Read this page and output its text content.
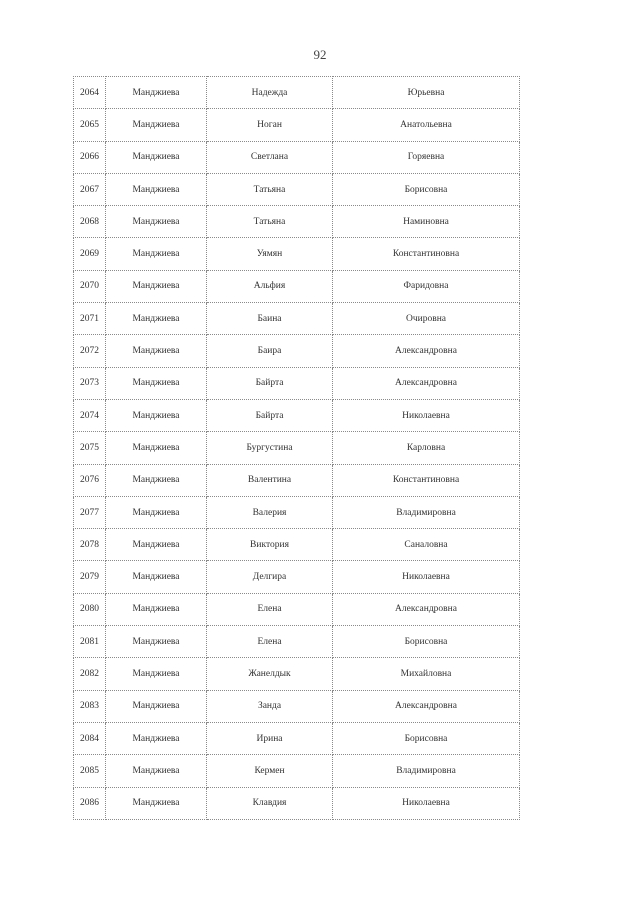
92
2064	Манджиева	Надежда	Юрьевна
2065	Манджиева	Ноган	Анатольевна
2066	Манджиева	Светлана	Горяевна
2067	Манджиева	Татьяна	Борисовна
2068	Манджиева	Татьяна	Наминовна
2069	Манджиева	Уямян	Константиновна
2070	Манджиева	Альфия	Фаридовна
2071	Манджиева	Баина	Очировна
2072	Манджиева	Баира	Александровна
2073	Манджиева	Байрта	Александровна
2074	Манджиева	Байрта	Николаевна
2075	Манджиева	Бургустина	Карловна
2076	Манджиева	Валентина	Константиновна
2077	Манджиева	Валерия	Владимировна
2078	Манджиева	Виктория	Саналовна
2079	Манджиева	Делгира	Николаевна
2080	Манджиева	Елена	Александровна
2081	Манджиева	Елена	Борисовна
2082	Манджиева	Жанелдык	Михайловна
2083	Манджиева	Занда	Александровна
2084	Манджиева	Ирина	Борисовна
2085	Манджиева	Кермен	Владимировна
2086	Манджиева	Клавдия	Николаевна
